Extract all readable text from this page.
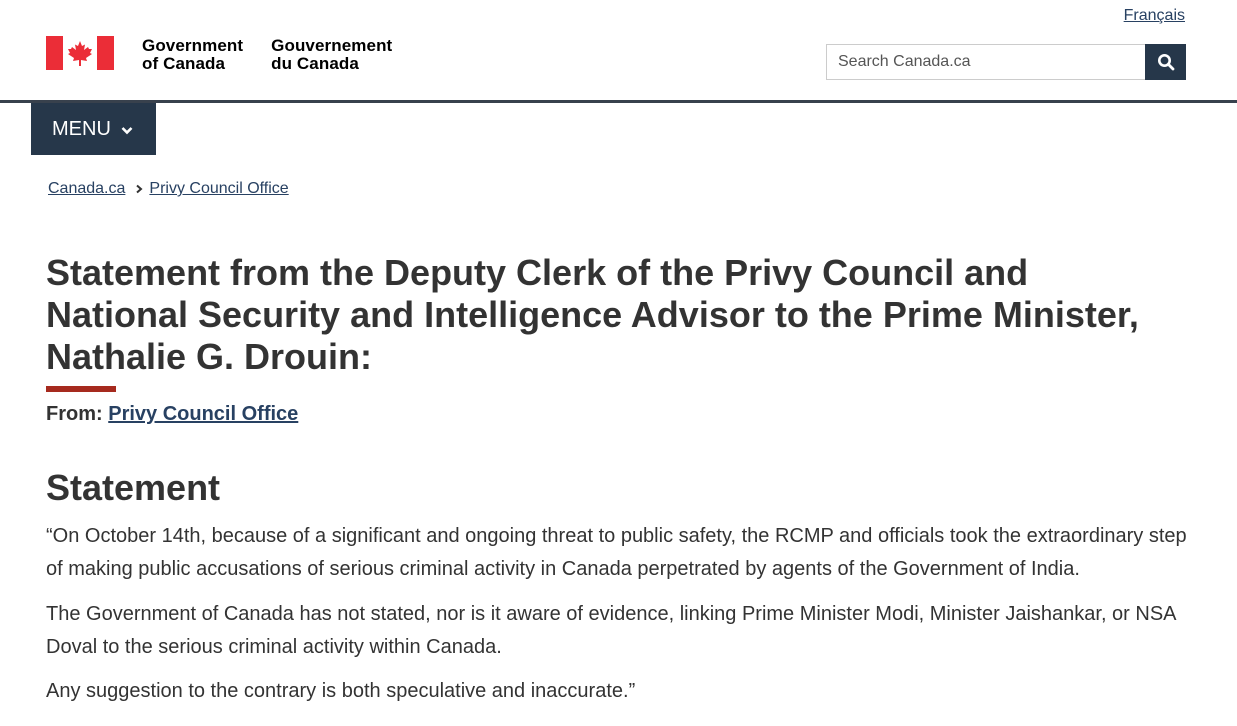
Français
Government
of Canada
Gouvernement
du Canada
Search Canada.ca
MENU
Canada.ca Privy Council Office
Statement from the Deputy Clerk of the Privy Council and National Security and Intelligence Advisor to the Prime Minister, Nathalie G. Drouin:
From: Privy Council Office
Statement

“On October 14th, because of a significant and ongoing threat to public safety, the RCMP and officials took the extraordinary step of making public accusations of serious criminal activity in Canada perpetrated by agents of the Government of India.

The Government of Canada has not stated, nor is it aware of evidence, linking Prime Minister Modi, Minister Jaishankar, or NSA Doval to the serious criminal activity within Canada.

Any suggestion to the contrary is both speculative and inaccurate.”
